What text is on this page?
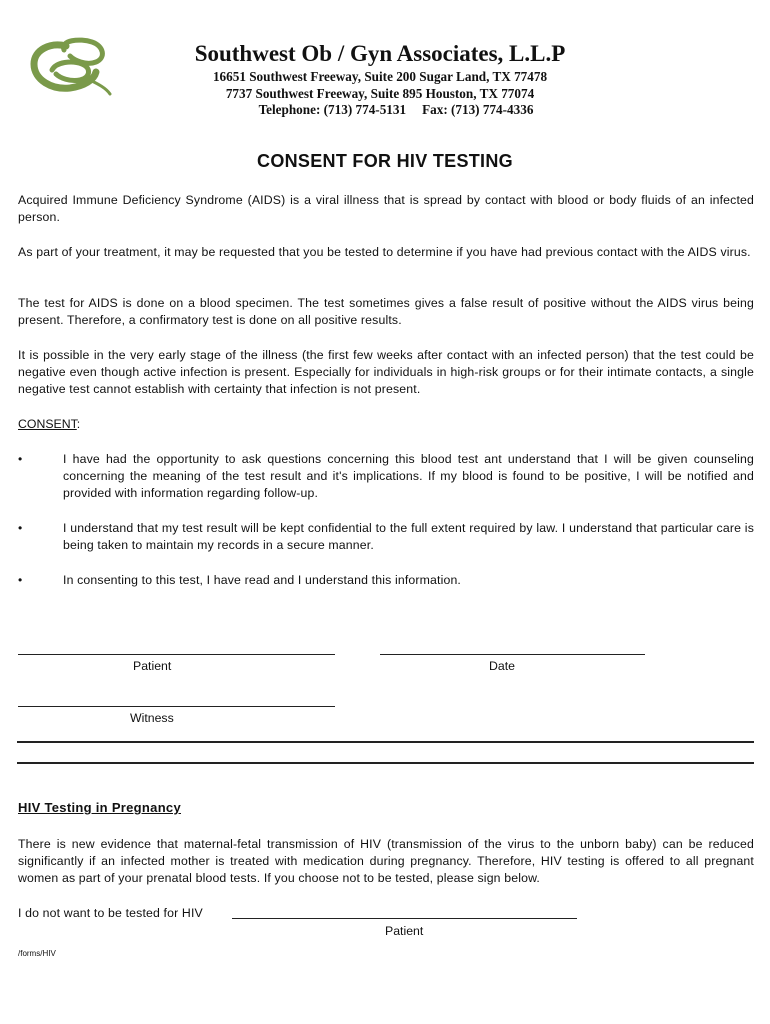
Southwest Ob / Gyn Associates, L.L.P
16651 Southwest Freeway, Suite 200 Sugar Land, TX 77478
7737 Southwest Freeway, Suite 895 Houston, TX 77074
Telephone: (713) 774-5131 Fax: (713) 774-4336
CONSENT FOR HIV TESTING
Acquired Immune Deficiency Syndrome (AIDS) is a viral illness that is spread by contact with blood or body fluids of an infected person.
As part of your treatment, it may be requested that you be tested to determine if you have had previous contact with the AIDS virus.
The test for AIDS is done on a blood specimen. The test sometimes gives a false result of positive without the AIDS virus being present. Therefore, a confirmatory test is done on all positive results.
It is possible in the very early stage of the illness (the first few weeks after contact with an infected person) that the test could be negative even though active infection is present. Especially for individuals in high-risk groups or for their intimate contacts, a single negative test cannot establish with certainty that infection is not present.
CONSENT:
•	I have had the opportunity to ask questions concerning this blood test ant understand that I will be given counseling concerning the meaning of the test result and it's implications. If my blood is found to be positive, I will be notified and provided with information regarding follow-up.
•	I understand that my test result will be kept confidential to the full extent required by law. I understand that particular care is being taken to maintain my records in a secure manner.
•	In consenting to this test, I have read and I understand this information.
Patient	Date
Witness
HIV Testing in Pregnancy
There is new evidence that maternal-fetal transmission of HIV (transmission of the virus to the unborn baby) can be reduced significantly if an infected mother is treated with medication during pregnancy. Therefore, HIV testing is offered to all pregnant women as part of your prenatal blood tests. If you choose not to be tested, please sign below.
I do not want to be tested for HIV
Patient
/forms/HIV
